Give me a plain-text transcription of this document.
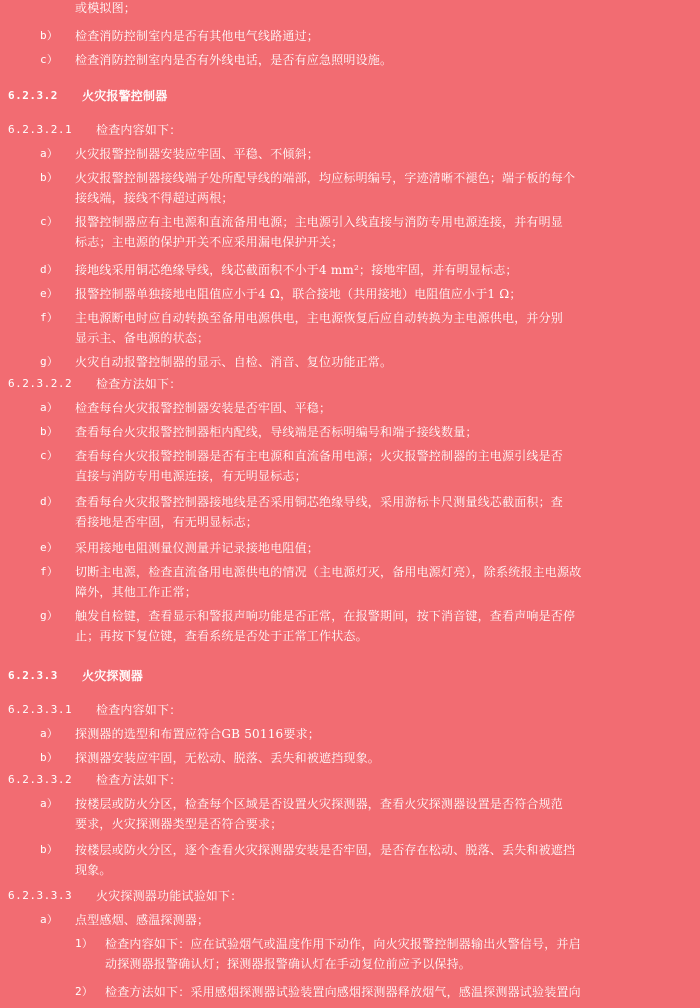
或模拟图；
b） 检查消防控制室内是否有其他电气线路通过；
c） 检查消防控制室内是否有外线电话，是否有应急照明设施。
6.2.3.2 火灾报警控制器
6.2.3.2.1 检查内容如下：
a） 火灾报警控制器安装应牢固、平稳、不倾斜；
b） 火灾报警控制器接线端子处所配导线的端部，均应标明编号，字迹清晰不褪色；端子板的每个
接线端，接线不得超过两根；
c） 报警控制器应有主电源和直流备用电源；主电源引入线直接与消防专用电源连接，并有明显
标志；主电源的保护开关不应采用漏电保护开关；
d） 接地线采用铜芯绝缘导线，线芯截面积不小于4 mm²；接地牢固，并有明显标志；
e） 报警控制器单独接地电阻值应小于4 Ω，联合接地（共用接地）电阻值应小于1 Ω；
f） 主电源断电时应自动转换至备用电源供电，主电源恢复后应自动转换为主电源供电，并分别
显示主、备电源的状态；
g） 火灾自动报警控制器的显示、自检、消音、复位功能正常。
6.2.3.2.2 检查方法如下：
a） 检查每台火灾报警控制器安装是否牢固、平稳；
b） 查看每台火灾报警控制器柜内配线，导线端是否标明编号和端子接线数量；
c） 查看每台火灾报警控制器是否有主电源和直流备用电源；火灾报警控制器的主电源引线是否
直接与消防专用电源连接，有无明显标志；
d） 查看每台火灾报警控制器接地线是否采用铜芯绝缘导线，采用游标卡尺测量线芯截面积；查
看接地是否牢固，有无明显标志；
e） 采用接地电阻测量仪测量并记录接地电阻值；
f） 切断主电源，检查直流备用电源供电的情况（主电源灯灭，备用电源灯亮），除系统报主电源故
障外，其他工作正常；
g） 触发自检键，查看显示和警报声响功能是否正常，在报警期间，按下消音键，查看声响是否停
止；再按下复位键，查看系统是否处于正常工作状态。
6.2.3.3 火灾探测器
6.2.3.3.1 检查内容如下：
a） 探测器的选型和布置应符合GB 50116要求；
b） 探测器安装应牢固，无松动、脱落、丢失和被遮挡现象。
6.2.3.3.2 检查方法如下：
a） 按楼层或防火分区，检查每个区域是否设置火灾探测器，查看火灾探测器设置是否符合规范
要求，火灾探测器类型是否符合要求；
b） 按楼层或防火分区，逐个查看火灾探测器安装是否牢固，是否存在松动、脱落、丢失和被遮挡
现象。
6.2.3.3.3 火灾探测器功能试验如下：
a） 点型感烟、感温探测器；
1） 检查内容如下：应在试验烟气或温度作用下动作，向火灾报警控制器输出火警信号，并启
动探测器报警确认灯；探测器报警确认灯在手动复位前应予以保持。
2） 检查方法如下：采用感烟探测器试验装置向感烟探测器释放烟气，感温探测器试验装置向
